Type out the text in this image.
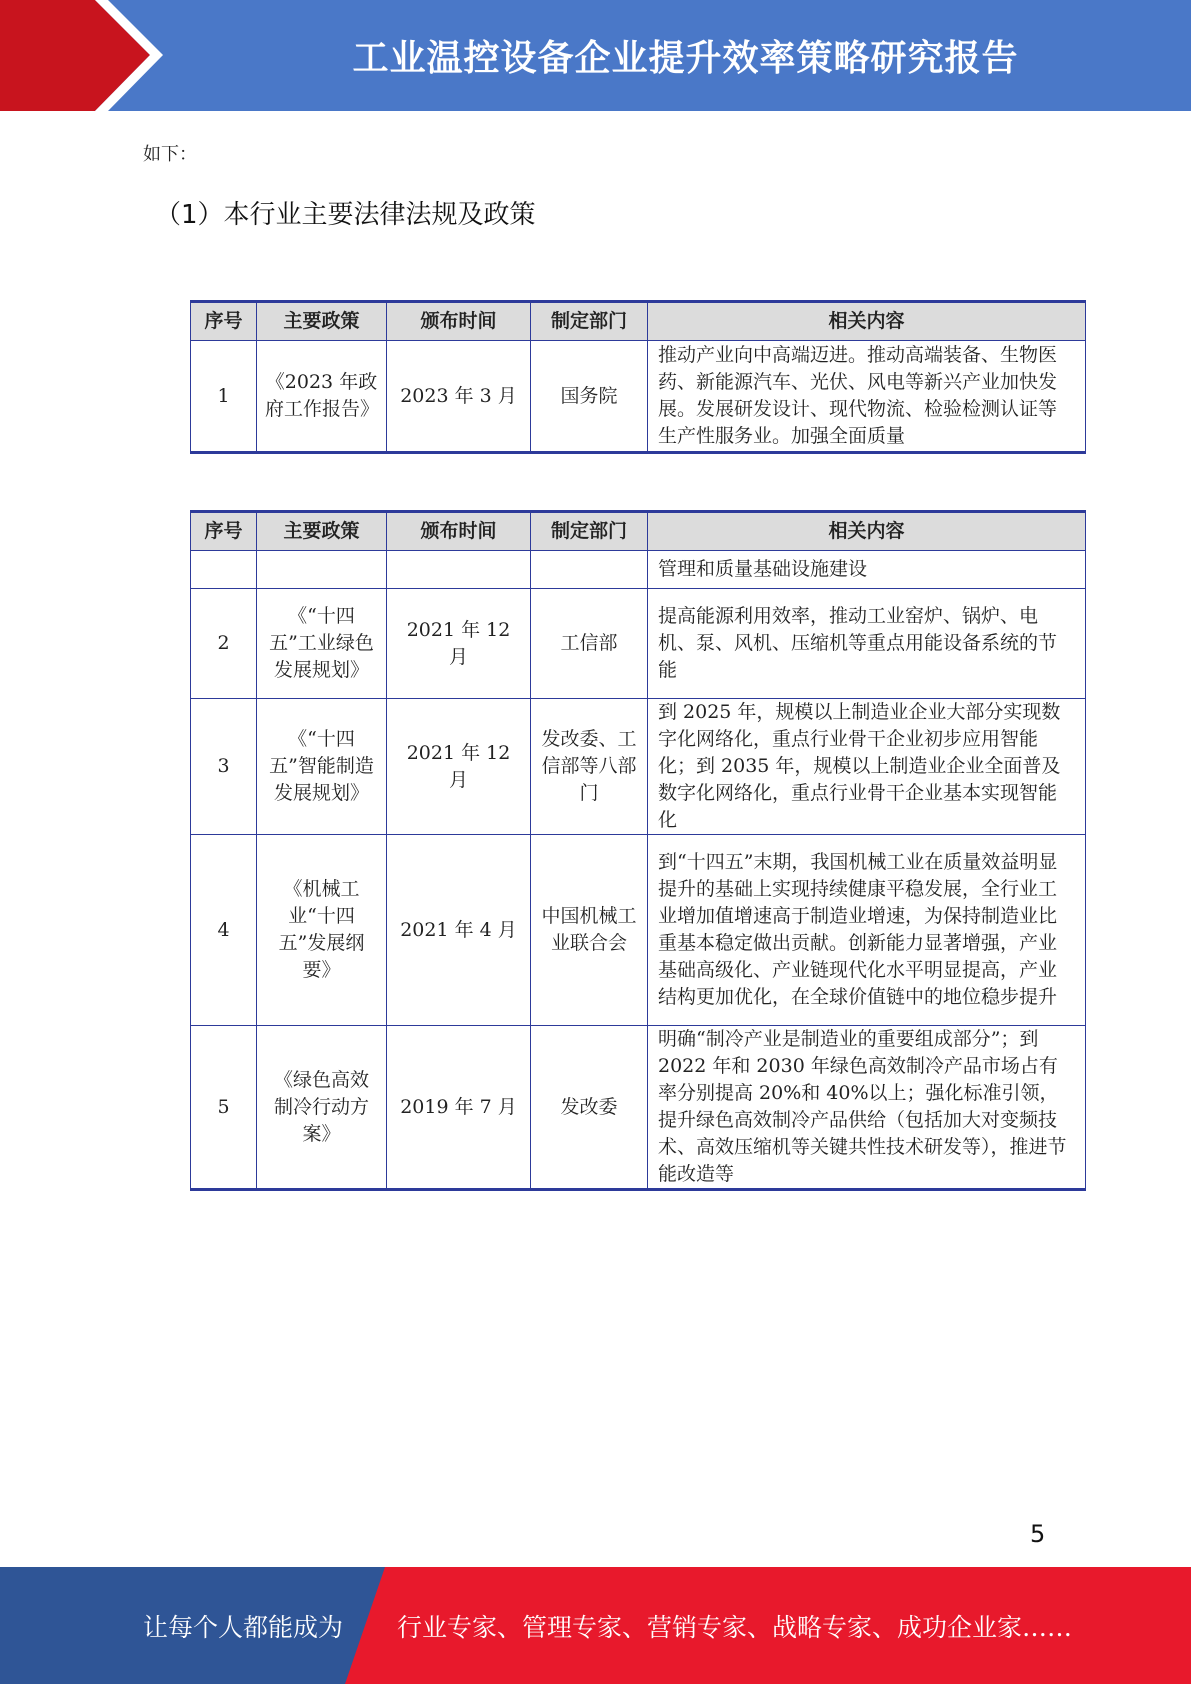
工业温控设备企业提升效率策略研究报告
如下：
（1）本行业主要法律法规及政策
序号	主要政策	颁布时间	制定部门	相关内容
1	《2023 年政府工作报告》	2023 年 3 月	国务院	推动产业向中高端迈进。推动高端装备、生物医药、新能源汽车、光伏、风电等新兴产业加快发展。发展研发设计、现代物流、检验检测认证等生产性服务业。加强全面质量
序号	主要政策	颁布时间	制定部门	相关内容
				管理和质量基础设施建设
2	《“十四五”工业绿色发展规划》	2021 年 12 月	工信部	提高能源利用效率，推动工业窑炉、锅炉、电机、泵、风机、压缩机等重点用能设备系统的节能
3	《“十四五”智能制造发展规划》	2021 年 12 月	发改委、工信部等八部门	到 2025 年，规模以上制造业企业大部分实现数字化网络化，重点行业骨干企业初步应用智能化；到 2035 年，规模以上制造业企业全面普及数字化网络化，重点行业骨干企业基本实现智能化
4	《机械工业“十四五”发展纲要》	2021 年 4 月	中国机械工业联合会	到“十四五”末期，我国机械工业在质量效益明显提升的基础上实现持续健康平稳发展，全行业工业增加值增速高于制造业增速，为保持制造业比重基本稳定做出贡献。创新能力显著增强，产业基础高级化、产业链现代化水平明显提高，产业结构更加优化，在全球价值链中的地位稳步提升
5	《绿色高效制冷行动方案》	2019 年 7 月	发改委	明确“制冷产业是制造业的重要组成部分”；到 2022 年和 2030 年绿色高效制冷产品市场占有率分别提高 20%和 40%以上；强化标准引领，提升绿色高效制冷产品供给（包括加大对变频技术、高效压缩机等关键共性技术研发等），推进节能改造等
5
让每个人都能成为 行业专家、管理专家、营销专家、战略专家、成功企业家……
